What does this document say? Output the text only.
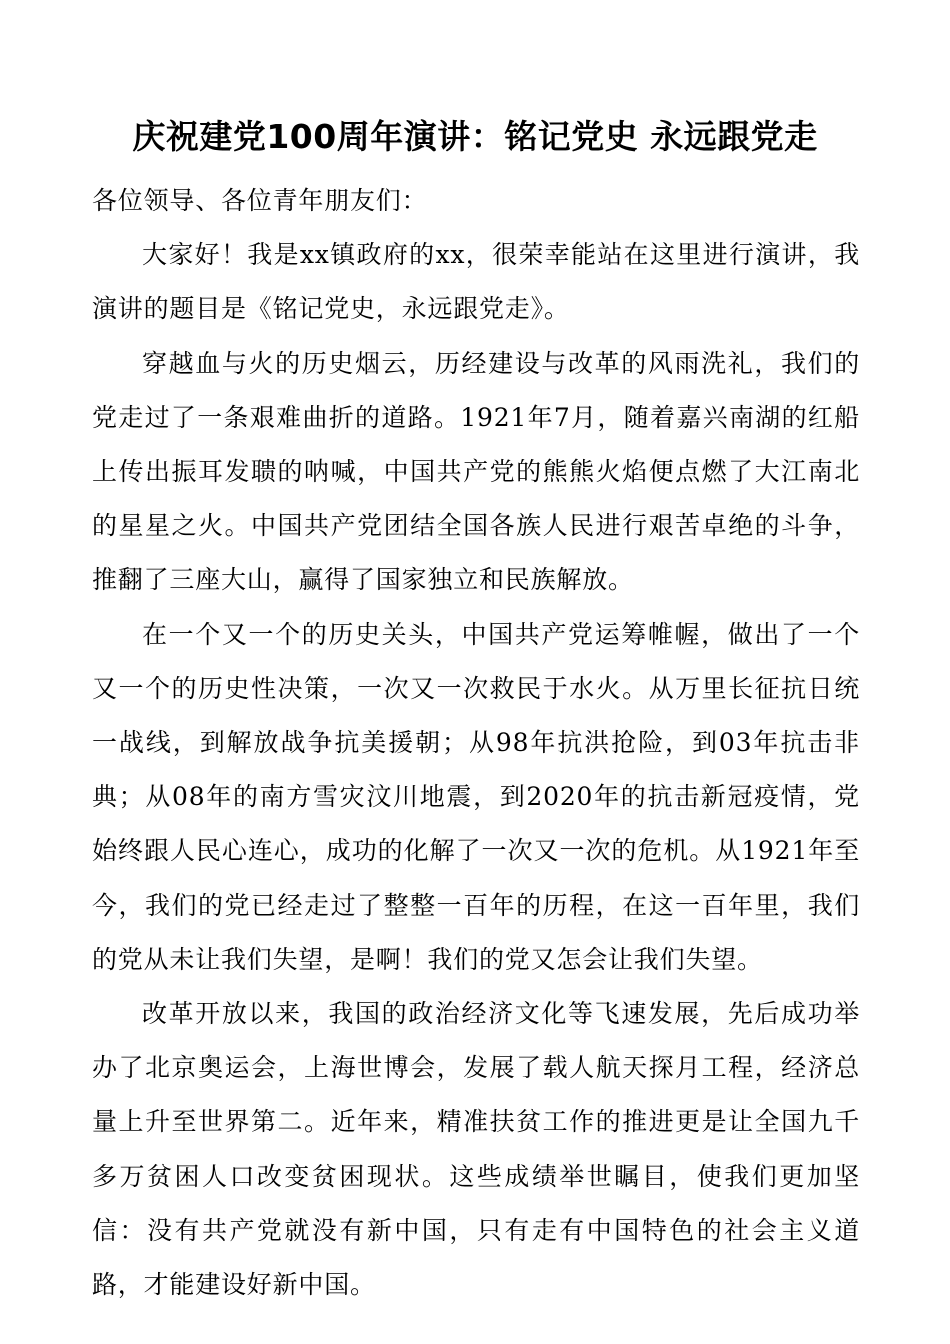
庆祝建党100周年演讲：铭记党史 永远跟党走

各位领导、各位青年朋友们：

大家好！我是xx镇政府的xx，很荣幸能站在这里进行演讲，我演讲的题目是《铭记党史，永远跟党走》。

穿越血与火的历史烟云，历经建设与改革的风雨洗礼，我们的党走过了一条艰难曲折的道路。1921年7月，随着嘉兴南湖的红船上传出振耳发聩的呐喊，中国共产党的熊熊火焰便点燃了大江南北的星星之火。中国共产党团结全国各族人民进行艰苦卓绝的斗争，推翻了三座大山，赢得了国家独立和民族解放。

在一个又一个的历史关头，中国共产党运筹帷幄，做出了一个又一个的历史性决策，一次又一次救民于水火。从万里长征抗日统一战线，到解放战争抗美援朝；从98年抗洪抢险，到03年抗击非典；从08年的南方雪灾汶川地震，到2020年的抗击新冠疫情，党始终跟人民心连心，成功的化解了一次又一次的危机。从1921年至今，我们的党已经走过了整整一百年的历程，在这一百年里，我们的党从未让我们失望，是啊！我们的党又怎会让我们失望。

改革开放以来，我国的政治经济文化等飞速发展，先后成功举办了北京奥运会，上海世博会，发展了载人航天探月工程，经济总量上升至世界第二。近年来，精准扶贫工作的推进更是让全国九千多万贫困人口改变贫困现状。这些成绩举世瞩目，使我们更加坚信：没有共产党就没有新中国，只有走有中国特色的社会主义道路，才能建设好新中国。
